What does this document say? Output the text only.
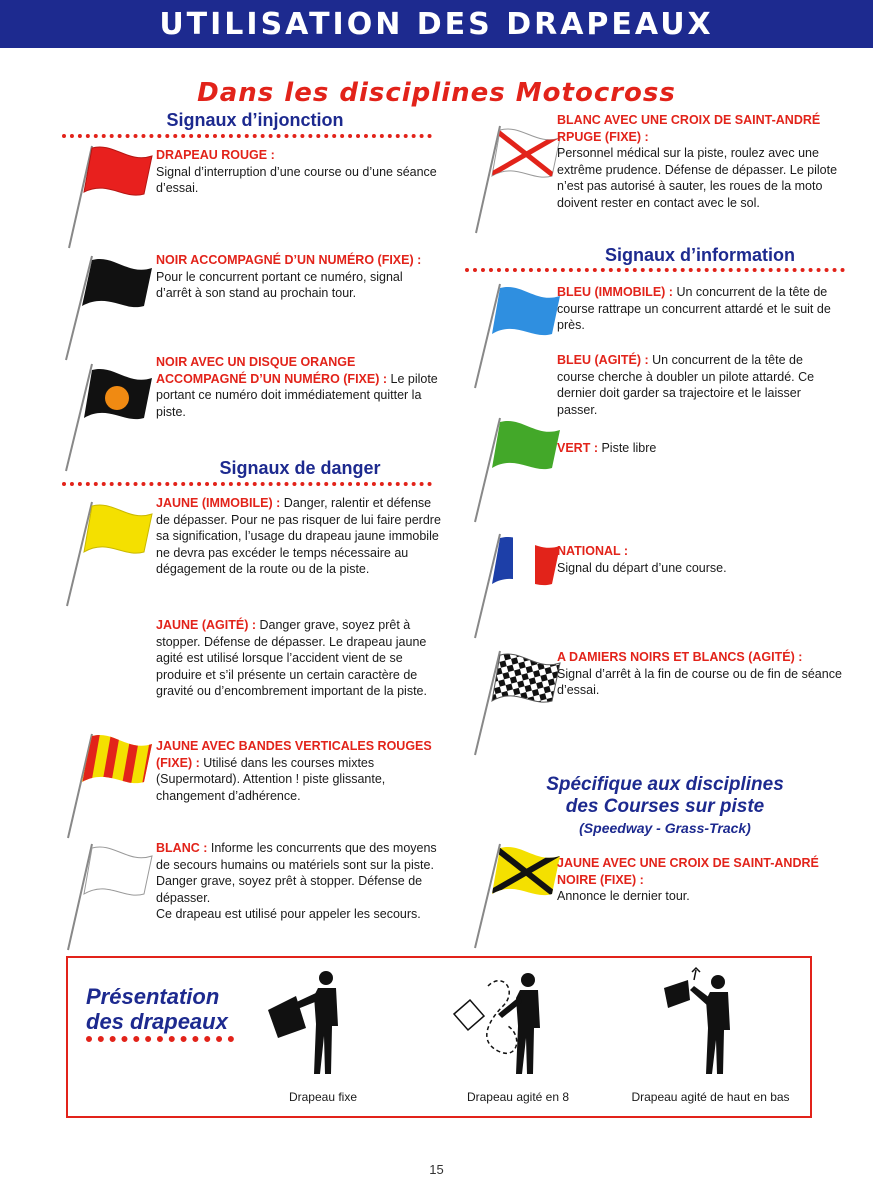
UTILISATION DES DRAPEAUX
Dans les disciplines Motocross
Signaux d’injonction
DRAPEAU ROUGE :
Signal d’interruption d’une course ou d’une séance d’essai.
NOIR ACCOMPAGNÉ D’UN NUMÉRO (FIXE) : Pour le concurrent portant ce numéro, signal d’arrêt à son stand au prochain tour.
NOIR AVEC UN DISQUE ORANGE ACCOMPAGNÉ D’UN NUMÉRO (FIXE) : Le pilote portant ce numéro doit immédiatement quitter la piste.
Signaux de danger
JAUNE (IMMOBILE) : Danger, ralentir et défense de dépasser. Pour ne pas risquer de lui faire perdre sa signification, l’usage du drapeau jaune immobile ne devra pas excéder le temps nécessaire au dégagement de la route ou de la piste.
JAUNE (AGITÉ) : Danger grave, soyez prêt à stopper. Défense de dépasser. Le drapeau jaune agité est utilisé lorsque l’accident vient de se produire et s’il présente un certain caractère de gravité ou d’encombrement important de la piste.
JAUNE AVEC BANDES VERTICALES ROUGES (FIXE) : Utilisé dans les courses mixtes (Supermotard). Attention ! piste glissante, changement d’adhérence.
BLANC : Informe les concurrents que des moyens de secours humains ou matériels sont sur la piste. Danger grave, soyez prêt à stopper. Défense de dépasser.
Ce drapeau est utilisé pour appeler les secours.
BLANC AVEC UNE CROIX DE SAINT-ANDRÉ RPUGE (FIXE) :
Personnel médical sur la piste, roulez avec une extrême prudence. Défense de dépasser. Le pilote n’est pas autorisé à sauter, les roues de la moto doivent rester en contact avec le sol.
Signaux d’information
BLEU (IMMOBILE) : Un concurrent de la tête de course rattrape un concurrent attardé et le suit de près.
BLEU (AGITÉ) : Un concurrent de la tête de course cherche à doubler un pilote attardé. Ce dernier doit garder sa trajectoire et le laisser passer.
VERT : Piste libre
NATIONAL :
Signal du départ d’une course.
A DAMIERS NOIRS ET BLANCS (AGITÉ) :
Signal d’arrêt à la fin de course ou de fin de séance d’essai.
Spécifique aux disciplines
des Courses sur piste
(Speedway - Grass-Track)
JAUNE AVEC UNE CROIX DE SAINT-ANDRÉ NOIRE (FIXE) :
Annonce le dernier tour.
Présentation
des drapeaux
Drapeau fixe	Drapeau agité en 8	Drapeau agité de haut en bas
15
